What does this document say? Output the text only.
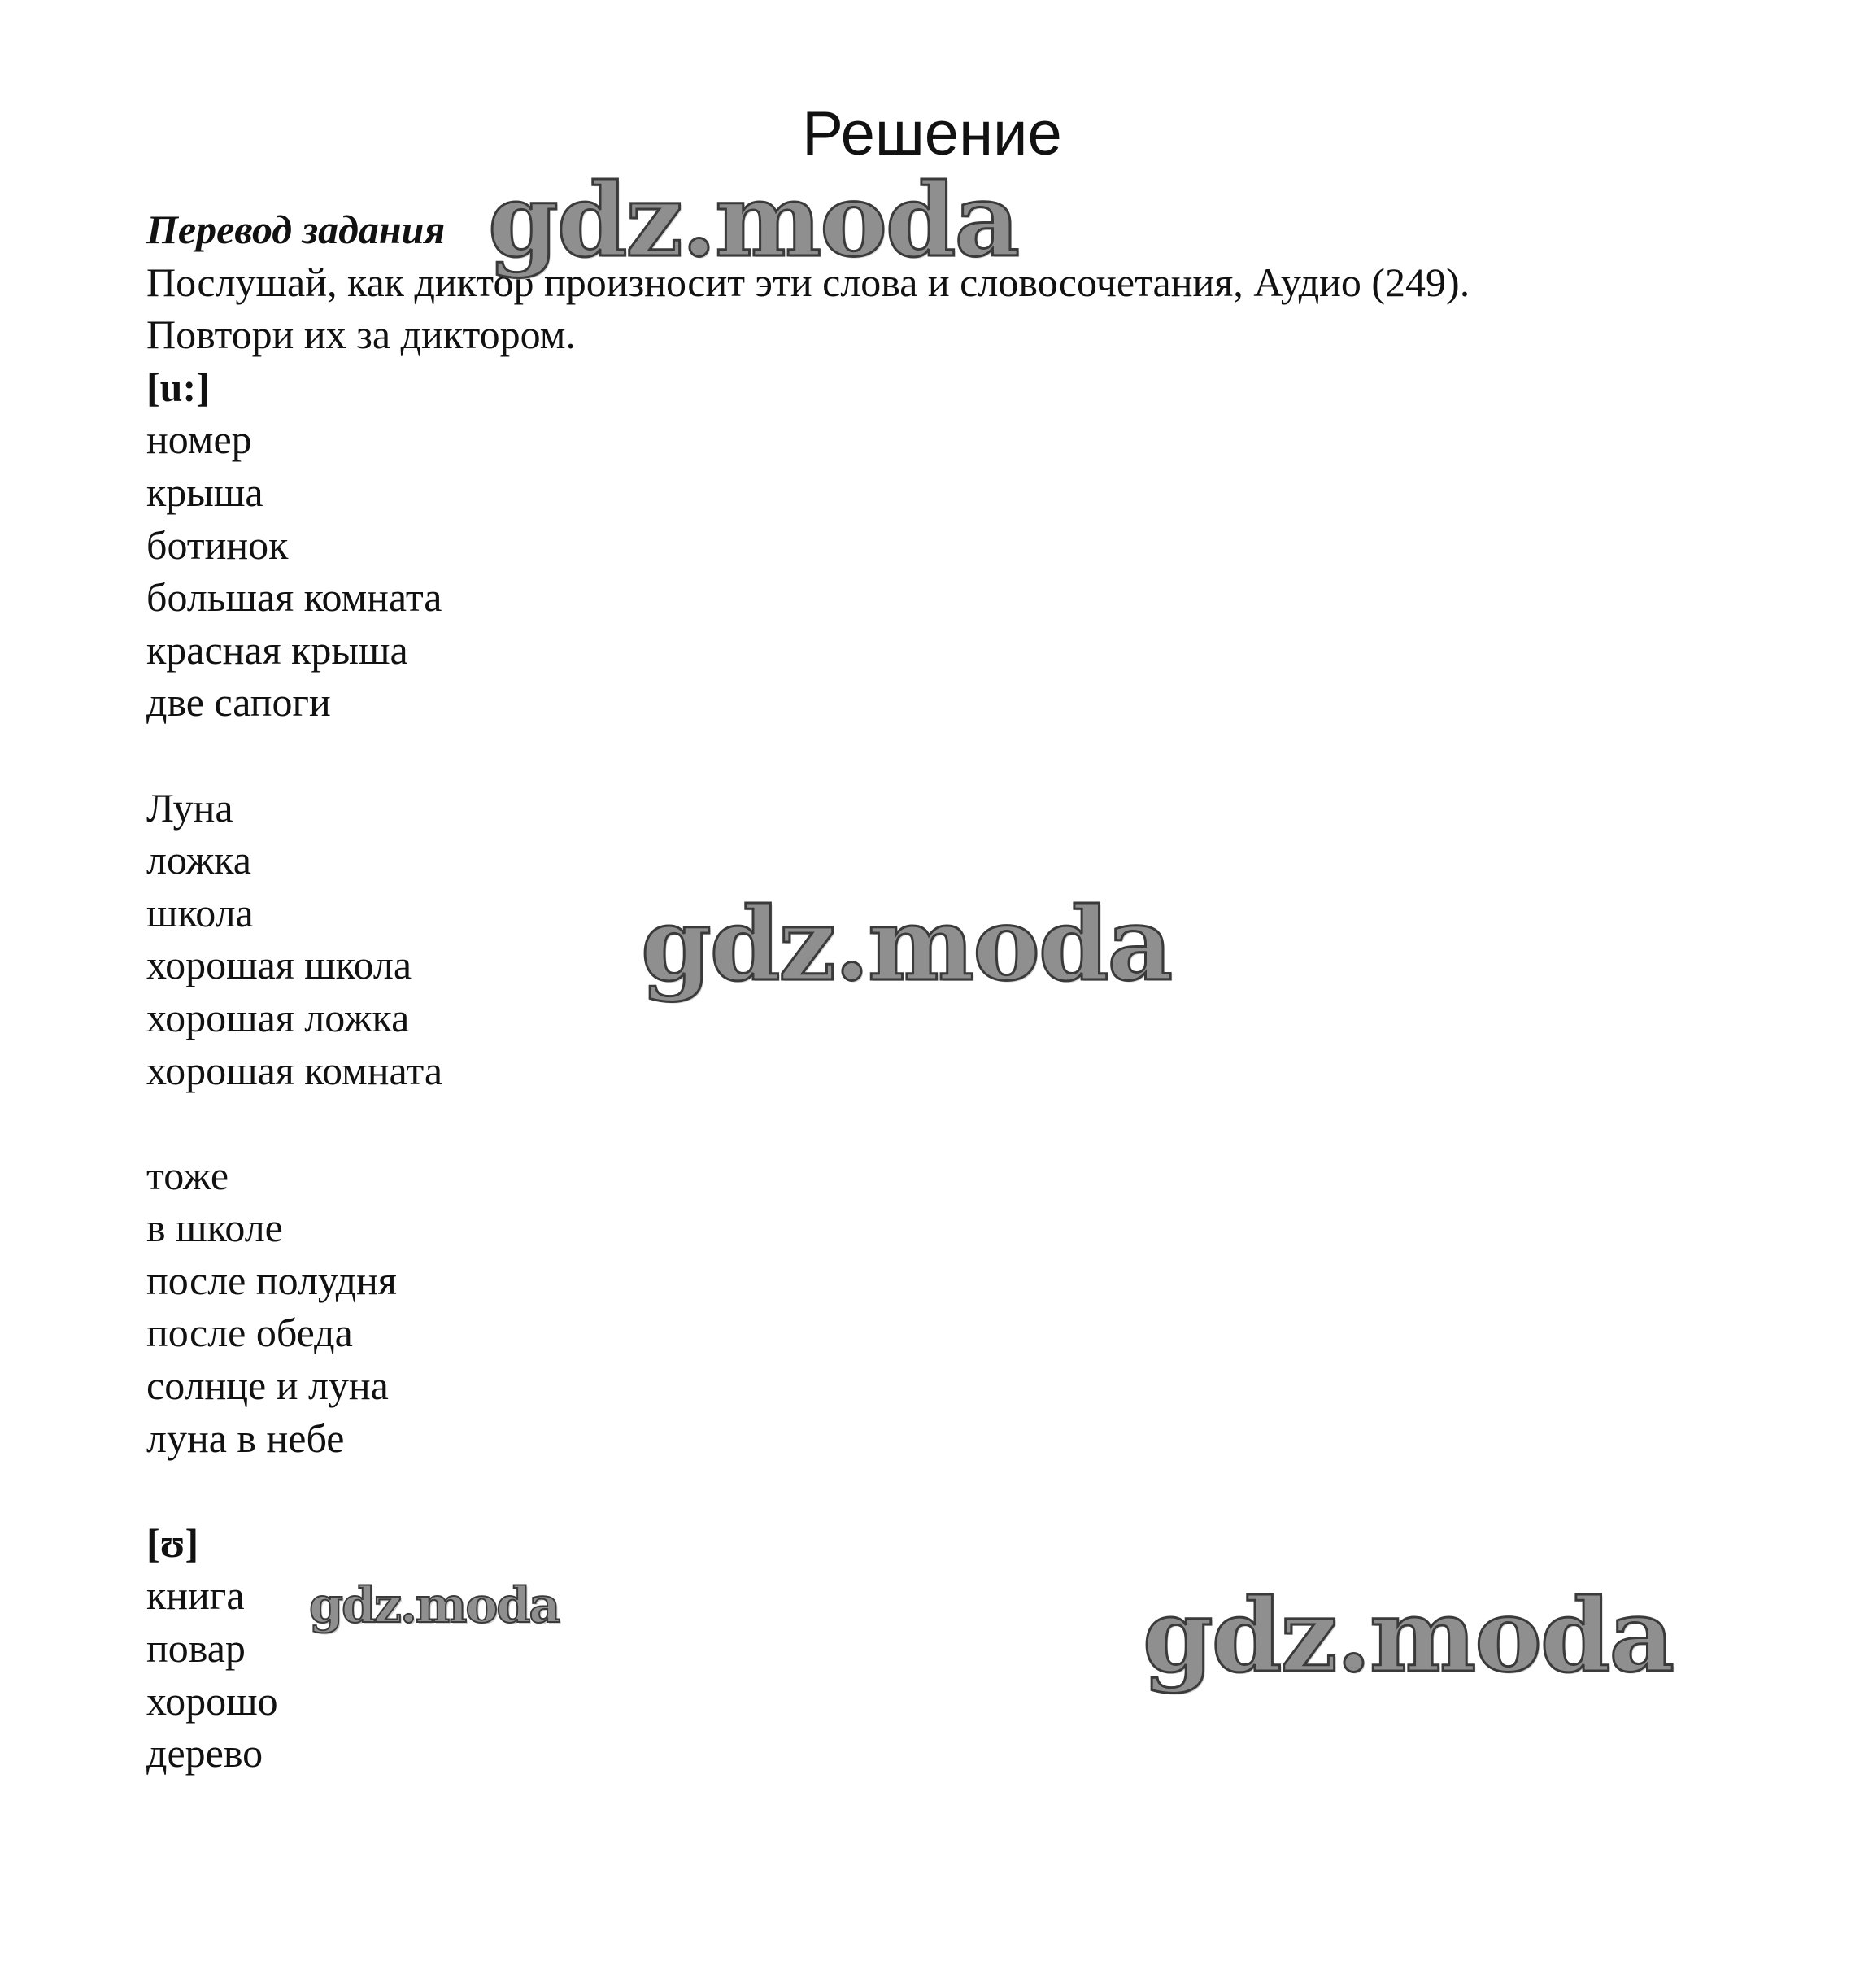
Решение
Перевод задания
Послушай, как диктор произносит эти слова и словосочетания, Аудио (249).
Повтори их за диктором.
[u:]
номер
крыша
ботинок
большая комната
красная крыша
две сапоги
Луна
ложка
школа
хорошая школа
хорошая ложка
хорошая комната
тоже
в школе
после полудня
после обеда
солнце и луна
луна в небе
[ʊ]
книга
повар
хорошо
дерево
gdz.moda
gdz.moda
gdz.moda	gdz.moda
